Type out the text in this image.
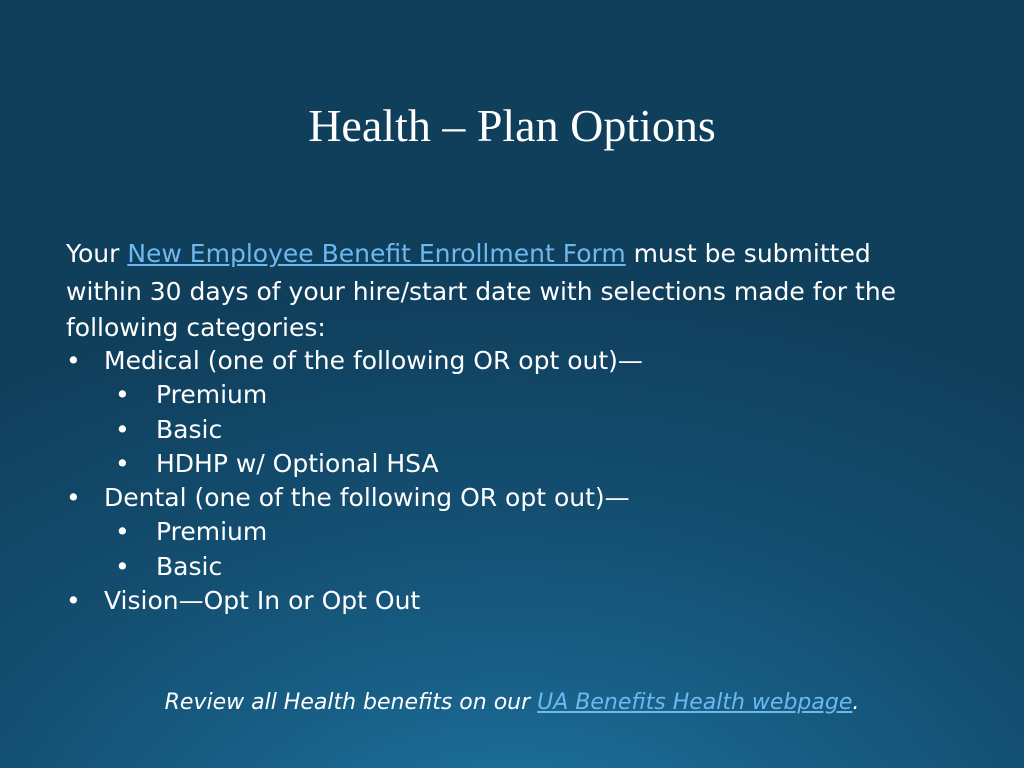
Health – Plan Options

Your New Employee Benefit Enrollment Form must be submitted
within 30 days of your hire/start date with selections made for the
following categories:

• Medical (one of the following OR opt out)—
• Premium
• Basic
• HDHP w/ Optional HSA
• Dental (one of the following OR opt out)—
• Premium
• Basic
• Vision—Opt In or Opt Out
Review all Health benefits on our UA Benefits Health webpage.
